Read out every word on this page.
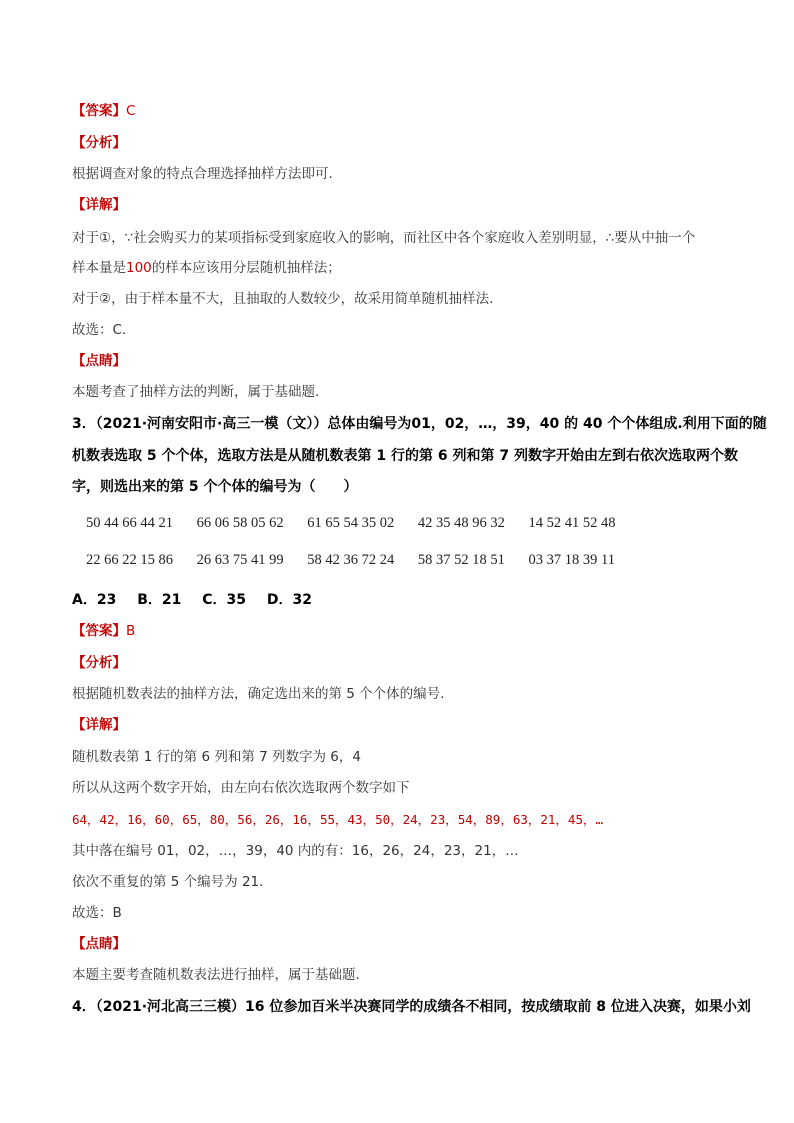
【答案】C
【分析】
根据调查对象的特点合理选择抽样方法即可.
【详解】
对于①，∵社会购买力的某项指标受到家庭收入的影响，而社区中各个家庭收入差别明显，∴要从中抽一个
样本量是100的样本应该用分层随机抽样法；
对于②，由于样本量不大，且抽取的人数较少，故采用简单随机抽样法.
故选：C.
【点睛】
本题考查了抽样方法的判断，属于基础题.
3．（2021·河南安阳市·高三一模（文））总体由编号为01，02，…，39，40 的 40 个个体组成.利用下面的随
机数表选取 5 个个体，选取方法是从随机数表第 1 行的第 6 列和第 7 列数字开始由左到右依次选取两个数
字，则选出来的第 5 个个体的编号为（　　）
50 44 66 44 21 66 06 58 05 62 61 65 54 35 02 42 35 48 96 32 14 52 41 52 48
22 66 22 15 86 26 63 75 41 99 58 42 36 72 24 58 37 52 18 51 03 37 18 39 11
A．23 B．21 C．35 D．32
【答案】B
【分析】
根据随机数表法的抽样方法，确定选出来的第 5 个个体的编号.
【详解】
随机数表第 1 行的第 6 列和第 7 列数字为 6，4
所以从这两个数字开始，由左向右依次选取两个数字如下
64，42，16，60，65，80，56，26，16，55，43，50，24，23，54，89，63，21，45，…
其中落在编号 01，02，…，39，40 内的有：16，26，24，23，21，…
依次不重复的第 5 个编号为 21.
故选：B
【点睛】
本题主要考查随机数表法进行抽样，属于基础题.
4．（2021·河北高三三模）16 位参加百米半决赛同学的成绩各不相同，按成绩取前 8 位进入决赛，如果小刘
